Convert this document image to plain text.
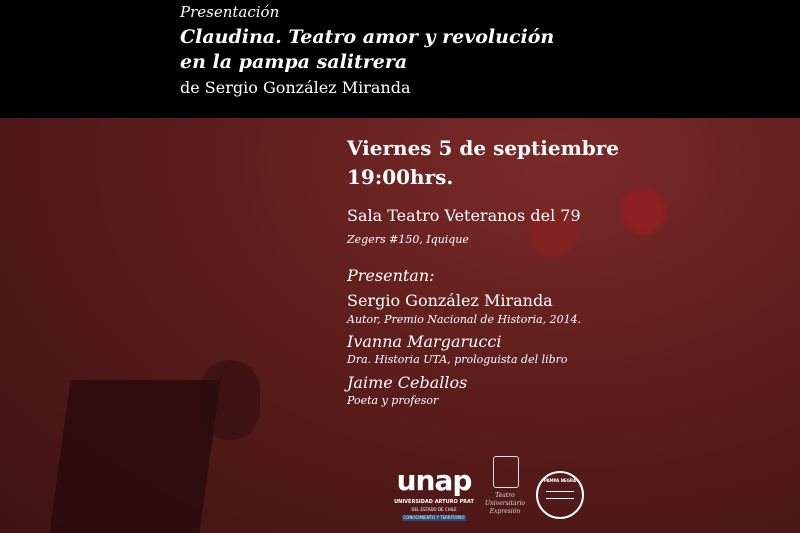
Presentación
Claudina. Teatro amor y revolución
en la pampa salitrera
de Sergio González Miranda
Viernes 5 de septiembre
19:00hrs.
Sala Teatro Veteranos del 79
Zegers #150, Iquique
Presentan:
Sergio González Miranda
Autor, Premio Nacional de Historia, 2014.
Ivanna Margarucci
Dra. Historia UTA, prologuista del libro
Jaime Ceballos
Poeta y profesor
unap
UNIVERSIDAD ARTURO PRAT
DEL ESTADO DE CHILE
CONOCIMIENTO Y TERRITORIO
Teatro Universitario Expresión
PAMPA NEGRA
